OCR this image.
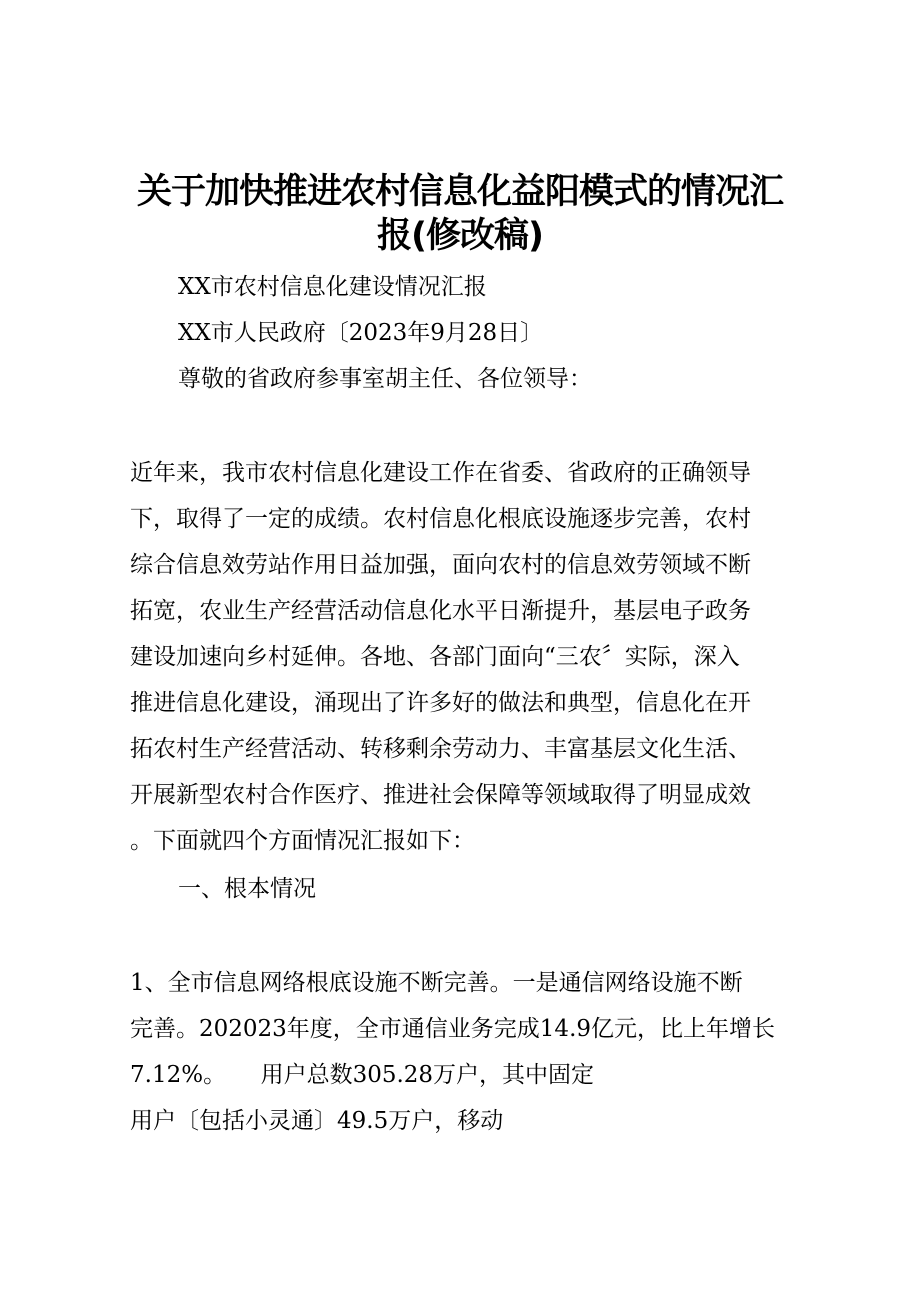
关于加快推进农村信息化益阳模式的情况汇
报(修改稿)

XX市农村信息化建设情况汇报

XX市人民政府〔2023年9月28日〕

尊敬的省政府参事室胡主任、各位领导：

近年来，我市农村信息化建设工作在省委、省政府的正确领导

下，取得了一定的成绩。农村信息化根底设施逐步完善，农村

综合信息效劳站作用日益加强，面向农村的信息效劳领域不断

拓宽，农业生产经营活动信息化水平日渐提升，基层电子政务

建设加速向乡村延伸。各地、各部门面向“三农〞实际，深入

推进信息化建设，涌现出了许多好的做法和典型，信息化在开

拓农村生产经营活动、转移剩余劳动力、丰富基层文化生活、

开展新型农村合作医疗、推进社会保障等领域取得了明显成效

。下面就四个方面情况汇报如下：

一、根本情况

1、全市信息网络根底设施不断完善。一是通信网络设施不断

完善。202023年度，全市通信业务完成14.9亿元，比上年增长

7.12%。　　用户总数305.28万户，其中固定

用户〔包括小灵通〕49.5万户，移动
